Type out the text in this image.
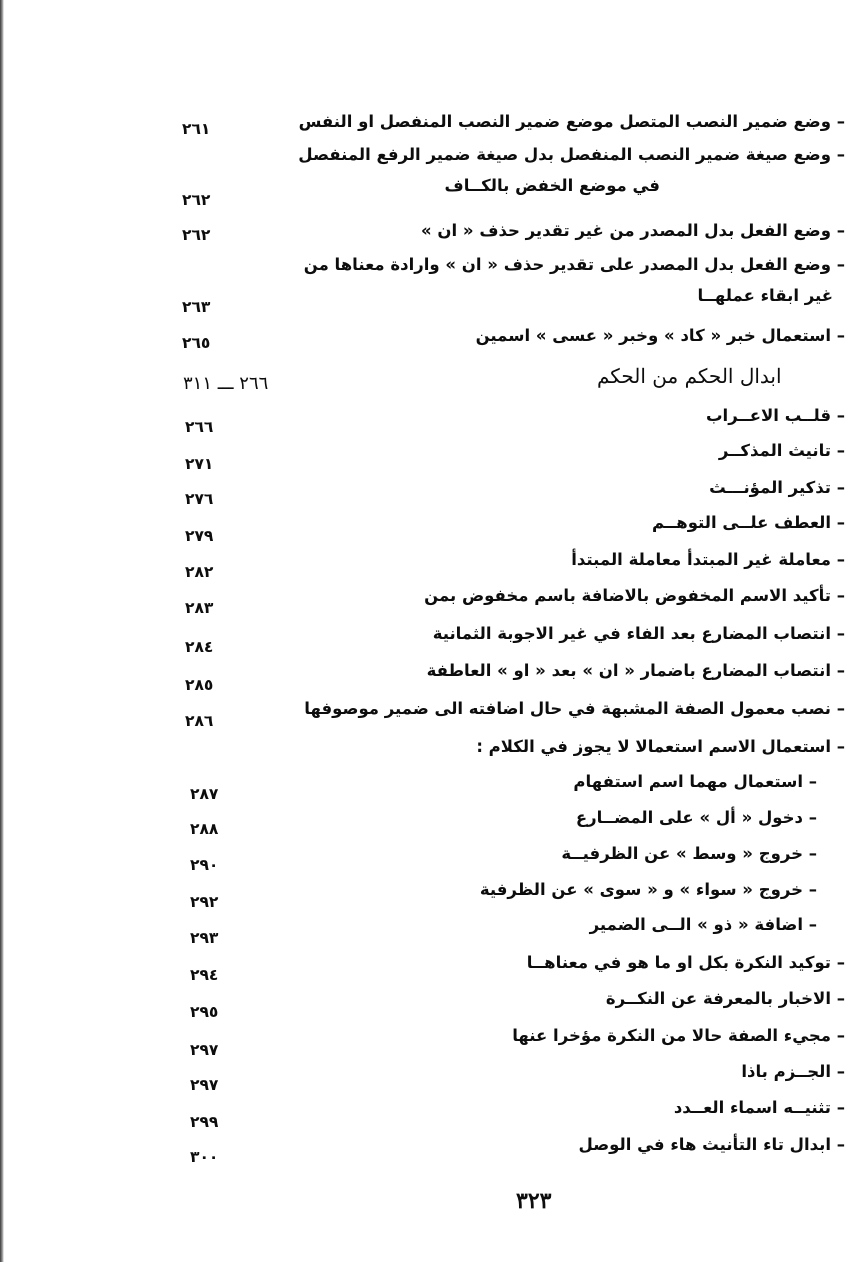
– وضع ضمير النصب المتصل موضع ضمير النصب المنفصل او النفس
٢٦١
– وضع صيغة ضمير النصب المنفصل بدل صيغة ضمير الرفع المنفصل
في موضع الخفض بالكــاف
٢٦٢
– وضع الفعل بدل المصدر من غير تقدير حذف « ان »
٢٦٢
– وضع الفعل بدل المصدر على تقدير حذف « ان » وارادة معناها من
غير ابقاء عملهــا
٢٦٣
– استعمال خبر « كاد » وخبر « عسى » اسمين
٢٦٥
ابدال الحكم من الحكم
٢٦٦ ـــ ٣١١
– قلــب الاعــراب
٢٦٦
– تانيث المذكــر
٢٧١
– تذكير المؤنـــث
٢٧٦
– العطف علــى التوهــم
٢٧٩
– معاملة غير المبتدأ معاملة المبتدأ
٢٨٢
– تأكيد الاسم المخفوض بالاضافة باسم مخفوض بمن
٢٨٣
– انتصاب المضارع بعد الفاء في غير الاجوبة الثمانية
٢٨٤
– انتصاب المضارع باضمار « ان » بعد « او » العاطفة
٢٨٥
– نصب معمول الصفة المشبهة في حال اضافته الى ضمير موصوفها
٢٨٦
– استعمال الاسم استعمالا لا يجوز في الكلام :
– استعمال مهما اسم استفهام
٢٨٧
– دخول « أل » على المضــارع
٢٨٨
– خروج « وسط » عن الظرفيــة
٢٩٠
– خروج « سواء » و « سوى » عن الظرفية
٢٩٢
– اضافة « ذو » الــى الضمير
٢٩٣
– توكيد النكرة بكل او ما هو في معناهــا
٢٩٤
– الاخبار بالمعرفة عن النكــرة
٢٩٥
– مجيء الصفة حالا من النكرة مؤخرا عنها
٢٩٧
– الجــزم باذا
٢٩٧
– تثنيــه اسماء العــدد
٢٩٩
– ابدال تاء التأنيث هاء في الوصل
٣٠٠
٣٢٣
